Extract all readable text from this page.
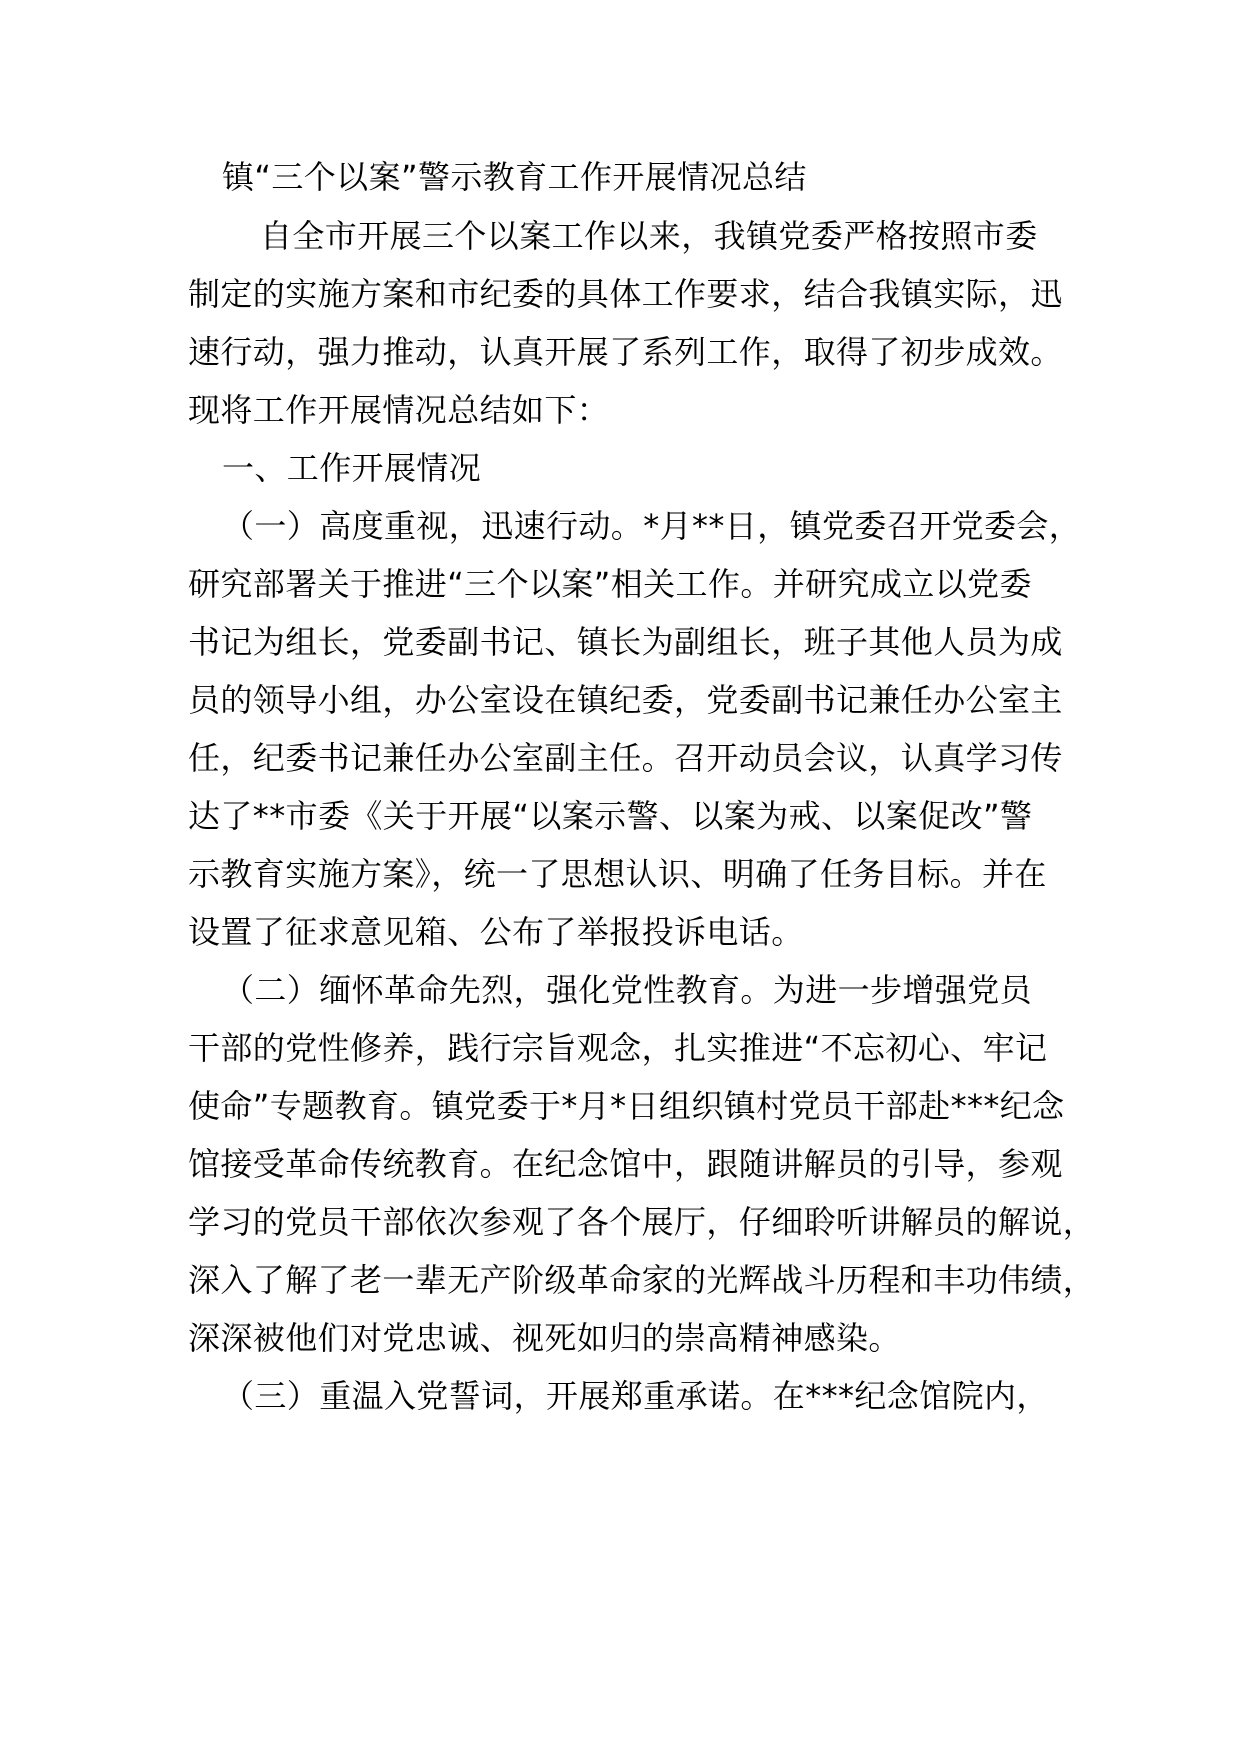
镇“三个以案”警示教育工作开展情况总结
自全市开展三个以案工作以来，我镇党委严格按照市委
制定的实施方案和市纪委的具体工作要求，结合我镇实际，迅
速行动，强力推动，认真开展了系列工作，取得了初步成效。
现将工作开展情况总结如下：
一、工作开展情况
（一）高度重视，迅速行动。*月**日，镇党委召开党委会，
研究部署关于推进“三个以案”相关工作。并研究成立以党委
书记为组长，党委副书记、镇长为副组长，班子其他人员为成
员的领导小组，办公室设在镇纪委，党委副书记兼任办公室主
任，纪委书记兼任办公室副主任。召开动员会议，认真学习传
达了**市委《关于开展“以案示警、以案为戒、以案促改”警
示教育实施方案》，统一了思想认识、明确了任务目标。并在
设置了征求意见箱、公布了举报投诉电话。
（二）缅怀革命先烈，强化党性教育。为进一步增强党员
干部的党性修养，践行宗旨观念，扎实推进“不忘初心、牢记
使命”专题教育。镇党委于*月*日组织镇村党员干部赴***纪念
馆接受革命传统教育。在纪念馆中，跟随讲解员的引导，参观
学习的党员干部依次参观了各个展厅，仔细聆听讲解员的解说，
深入了解了老一辈无产阶级革命家的光辉战斗历程和丰功伟绩，
深深被他们对党忠诚、视死如归的崇高精神感染。
（三）重温入党誓词，开展郑重承诺。在***纪念馆院内，
